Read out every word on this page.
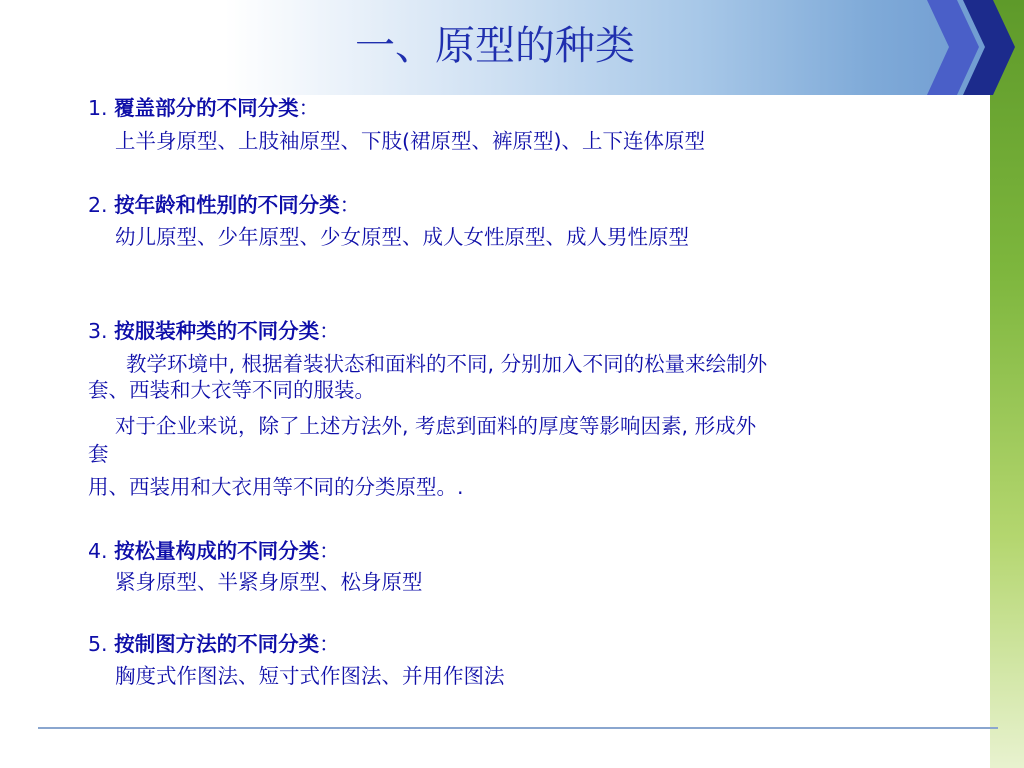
一、原型的种类
1. 覆盖部分的不同分类：
上半身原型、上肢袖原型、下肢(裙原型、裤原型)、上下连体原型
2. 按年龄和性别的不同分类：
幼儿原型、少年原型、少女原型、成人女性原型、成人男性原型
3. 按服装种类的不同分类：
教学环境中, 根据着装状态和面料的不同, 分别加入不同的松量来绘制外
套、西装和大衣等不同的服装。
对于企业来说，除了上述方法外, 考虑到面料的厚度等影响因素, 形成外
套
用、西装用和大衣用等不同的分类原型。.
4. 按松量构成的不同分类：
紧身原型、半紧身原型、松身原型
5. 按制图方法的不同分类：
胸度式作图法、短寸式作图法、并用作图法
